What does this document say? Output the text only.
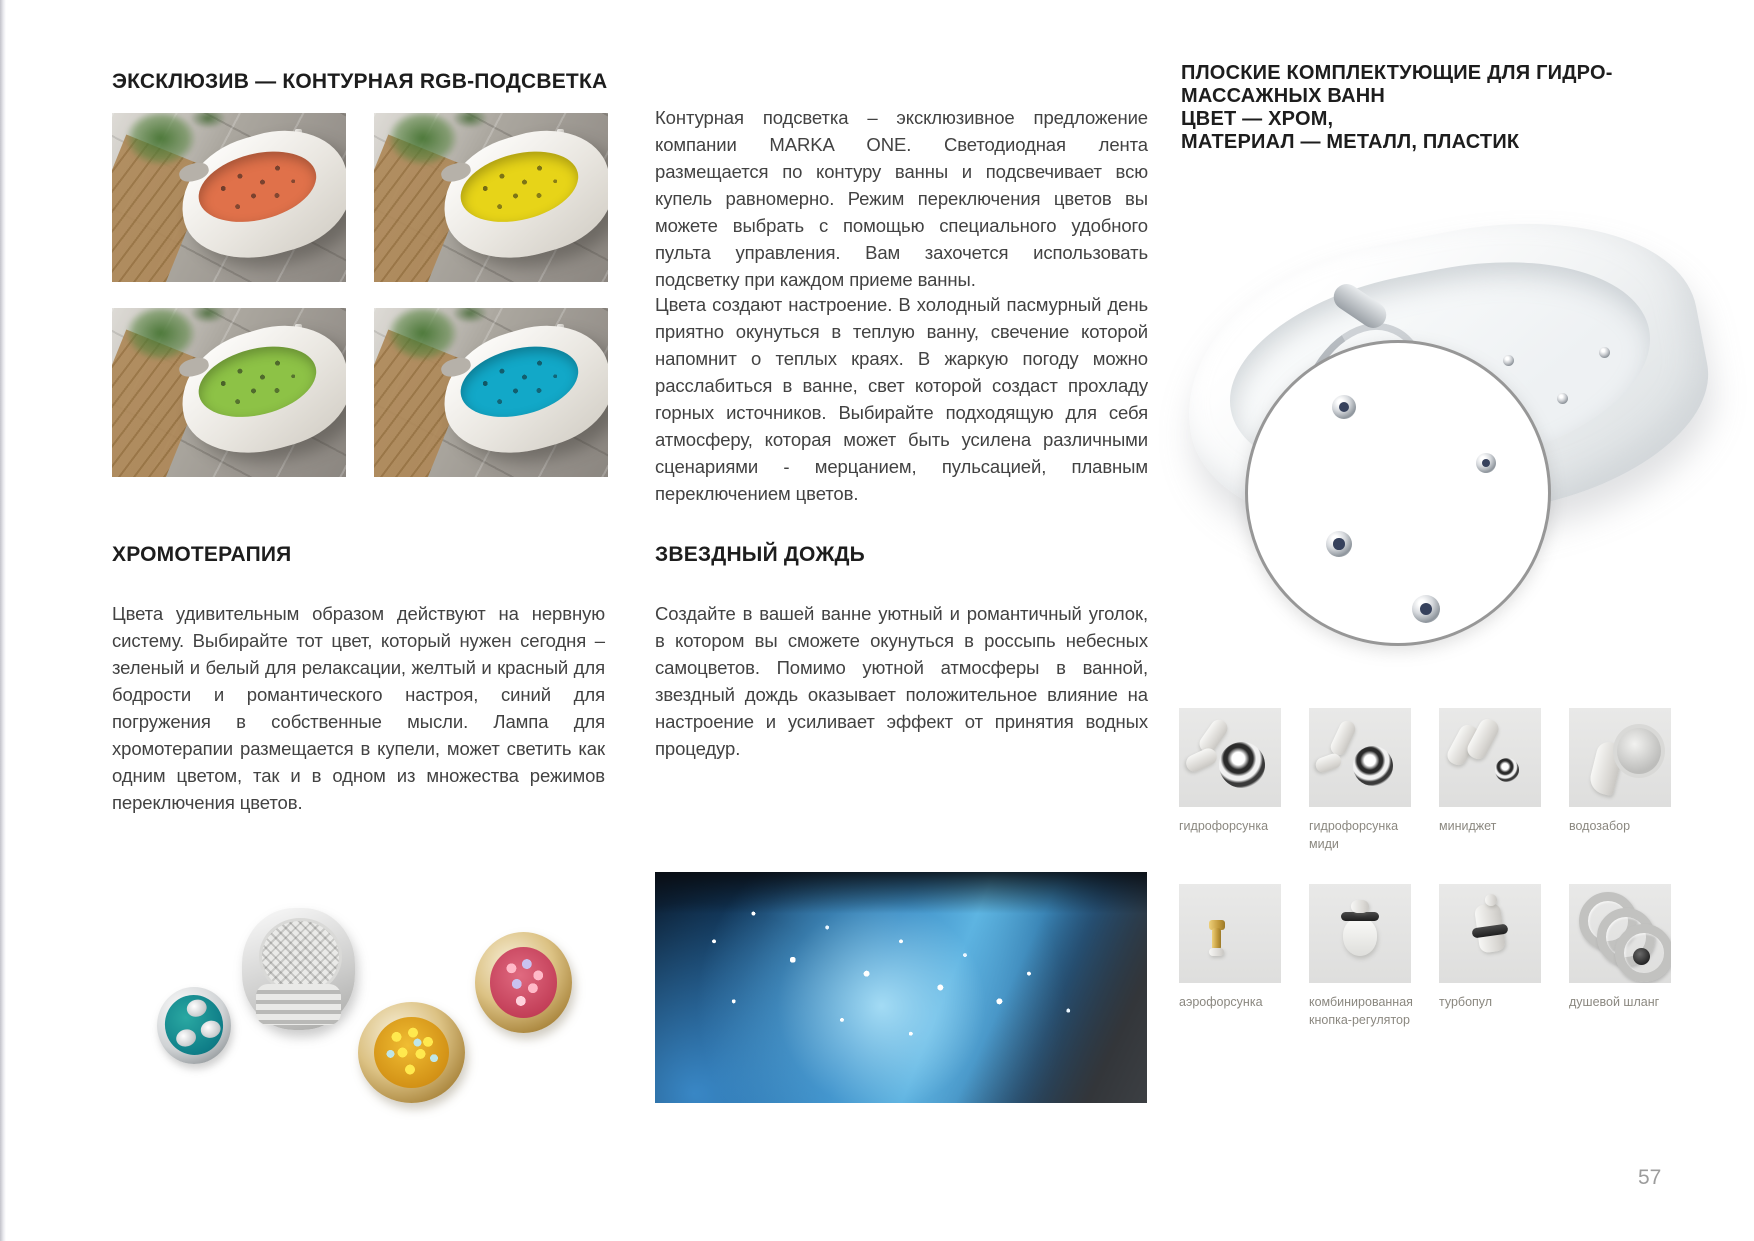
ЭКСКЛЮЗИВ — КОНТУРНАЯ RGB-ПОДСВЕТКА

Контурная подсветка – эксклюзивное предложение компании MARKA ONE. Светодиодная лента размещается по контуру ванны и подсвечивает всю купель равномерно. Режим переключения цветов вы можете выбрать с помощью специального удобного пульта управления. Вам захочется использовать подсветку при каждом приеме ванны.

Цвета создают настроение. В холодный пасмурный день приятно окунуться в теплую ванну, свечение которой напомнит о теплых краях. В жаркую погоду можно расслабиться в ванне, свет которой создаст прохладу горных источников. Выбирайте подходящую для себя атмосферу, которая может быть усилена различными сценариями - мерцанием, пульсацией, плавным переключением цветов.

ХРОМОТЕРАПИЯ

Цвета удивительным образом действуют на нервную систему. Выбирайте тот цвет, который нужен сегодня – зеленый и белый для релаксации, желтый и красный для бодрости и романтического настроя, синий для погружения в собственные мысли. Лампа для хромотерапии размещается в купели, может светить как одним цветом, так и в одном из множества режимов переключения цветов.

ЗВЕЗДНЫЙ ДОЖДЬ

Создайте в вашей ванне уютный и романтичный уголок, в котором вы сможете окунуться в россыпь небесных самоцветов. Помимо уютной атмосферы в ванной, звездный дождь оказывает положительное влияние на настроение и усиливает эффект от принятия водных процедур.

ПЛОСКИЕ КОМПЛЕКТУЮЩИЕ ДЛЯ ГИДРО-
МАССАЖНЫХ ВАНН
ЦВЕТ — ХРОМ,
МАТЕРИАЛ — МЕТАЛЛ, ПЛАСТИК
гидрофорсунка	гидрофорсунка миди
миниджет	водозабор
аэрофорсунка	комбинированная кнопка-регулятор
турбопул	душевой шланг
57
